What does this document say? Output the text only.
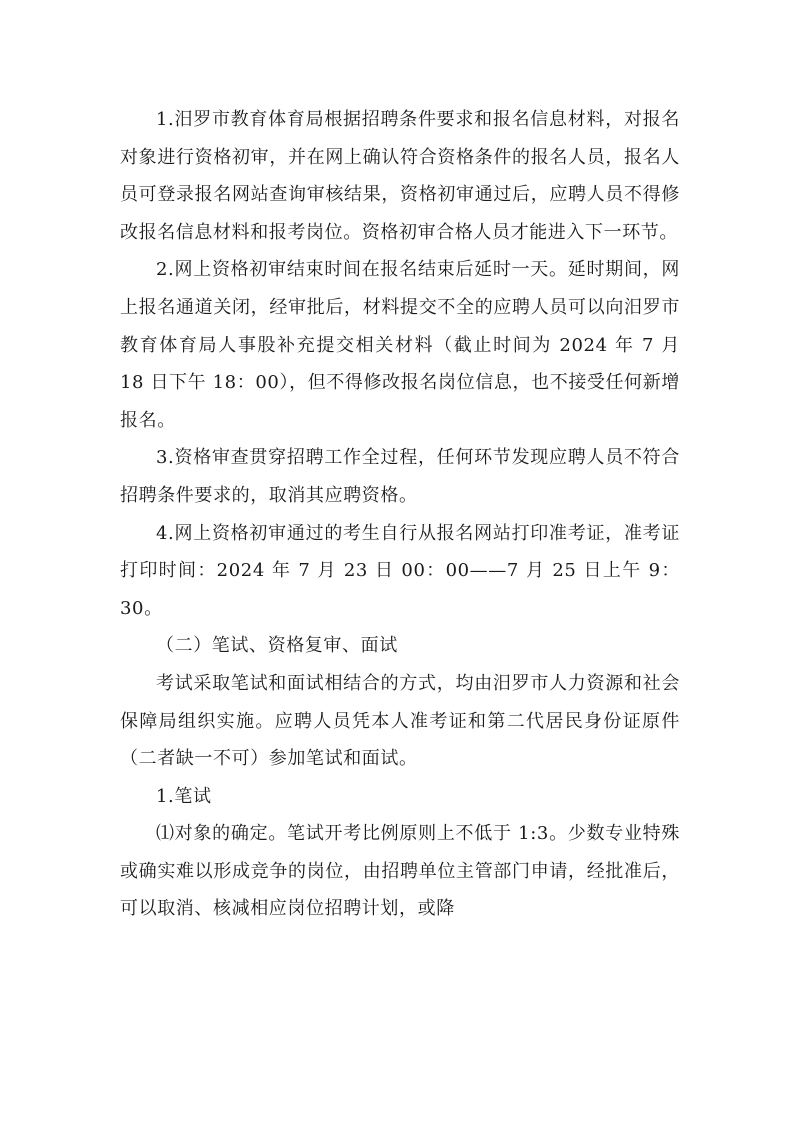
1.汨罗市教育体育局根据招聘条件要求和报名信息材料，对报名对象进行资格初审，并在网上确认符合资格条件的报名人员，报名人员可登录报名网站查询审核结果，资格初审通过后，应聘人员不得修改报名信息材料和报考岗位。资格初审合格人员才能进入下一环节。

2.网上资格初审结束时间在报名结束后延时一天。延时期间，网上报名通道关闭，经审批后，材料提交不全的应聘人员可以向汨罗市教育体育局人事股补充提交相关材料（截止时间为 2024 年 7 月 18 日下午 18：00），但不得修改报名岗位信息，也不接受任何新增报名。

3.资格审查贯穿招聘工作全过程，任何环节发现应聘人员不符合招聘条件要求的，取消其应聘资格。

4.网上资格初审通过的考生自行从报名网站打印准考证，准考证打印时间：2024 年 7 月 23 日 00：00——7 月 25 日上午 9：30。

（二）笔试、资格复审、面试

考试采取笔试和面试相结合的方式，均由汨罗市人力资源和社会保障局组织实施。应聘人员凭本人准考证和第二代居民身份证原件（二者缺一不可）参加笔试和面试。

1.笔试

⑴对象的确定。笔试开考比例原则上不低于 1:3。少数专业特殊或确实难以形成竞争的岗位，由招聘单位主管部门申请，经批准后，可以取消、核减相应岗位招聘计划，或降
